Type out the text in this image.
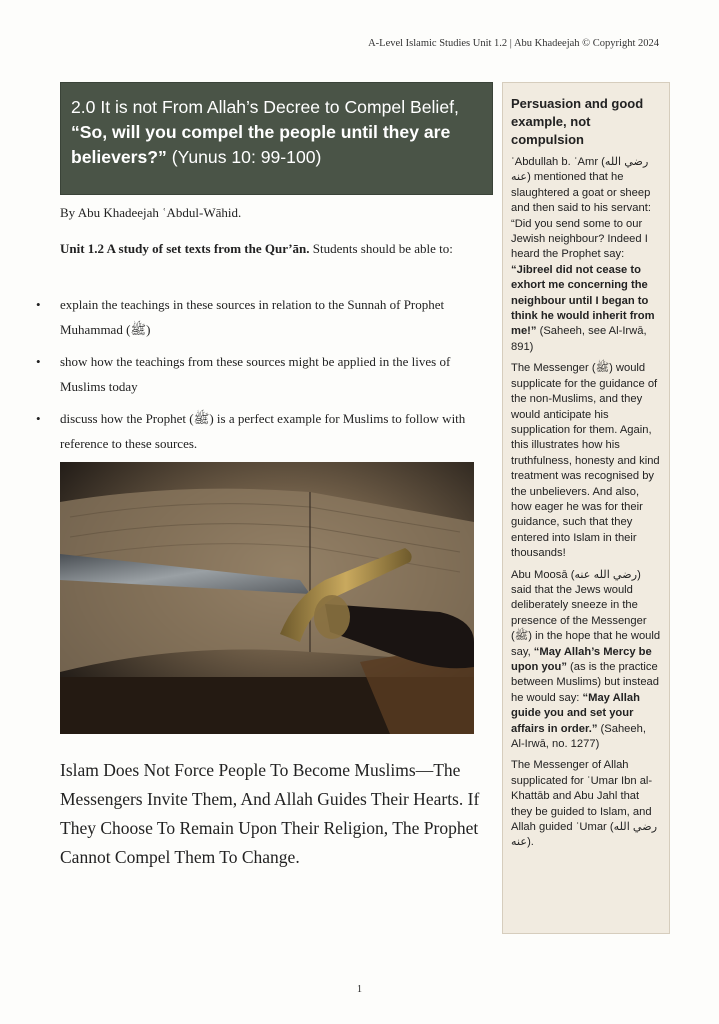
A-Level Islamic Studies Unit 1.2 | Abu Khadeejah © Copyright 2024
2.0 It is not From Allah’s Decree to Compel Belief, “So, will you compel the people until they are believers?” (Yunus 10: 99-100)
By Abu Khadeejah ʿAbdul-Wāhid.
Unit 1.2 A study of set texts from the Qur’ān. Students should be able to:
• explain the teachings in these sources in relation to the Sunnah of Prophet Muhammad (ﷺ)
• show how the teachings from these sources might be applied in the lives of Muslims today
• discuss how the Prophet (ﷺ) is a perfect example for Muslims to follow with reference to these sources.
Islam Does Not Force People To Become Muslims—The Messengers Invite Them, And Allah Guides Their Hearts. If They Choose To Remain Upon Their Religion, The Prophet Cannot Compel Them To Change.
Persuasion and good example, not compulsion

ʿAbdullah b. ʿAmr (رضي الله عنه) mentioned that he slaughtered a goat or sheep and then said to his servant: “Did you send some to our Jewish neighbour? Indeed I heard the Prophet say: “Jibreel did not cease to exhort me concerning the neighbour until I began to think he would inherit from me!” (Saheeh, see Al-Irwā, 891)

The Messenger (ﷺ) would supplicate for the guidance of the non-Muslims, and they would anticipate his supplication for them. Again, this illustrates how his truthfulness, honesty and kind treatment was recognised by the unbelievers. And also, how eager he was for their guidance, such that they entered into Islam in their thousands!

Abu Moosā (رضي الله عنه) said that the Jews would deliberately sneeze in the presence of the Messenger (ﷺ) in the hope that he would say, “May Allah’s Mercy be upon you” (as is the practice between Muslims) but instead he would say: “May Allah guide you and set your affairs in order.” (Saheeh, Al-Irwā, no. 1277)

The Messenger of Allah supplicated for ʿUmar Ibn al-Khattāb and Abu Jahl that they be guided to Islam, and Allah guided ʿUmar (رضي الله عنه).

1
